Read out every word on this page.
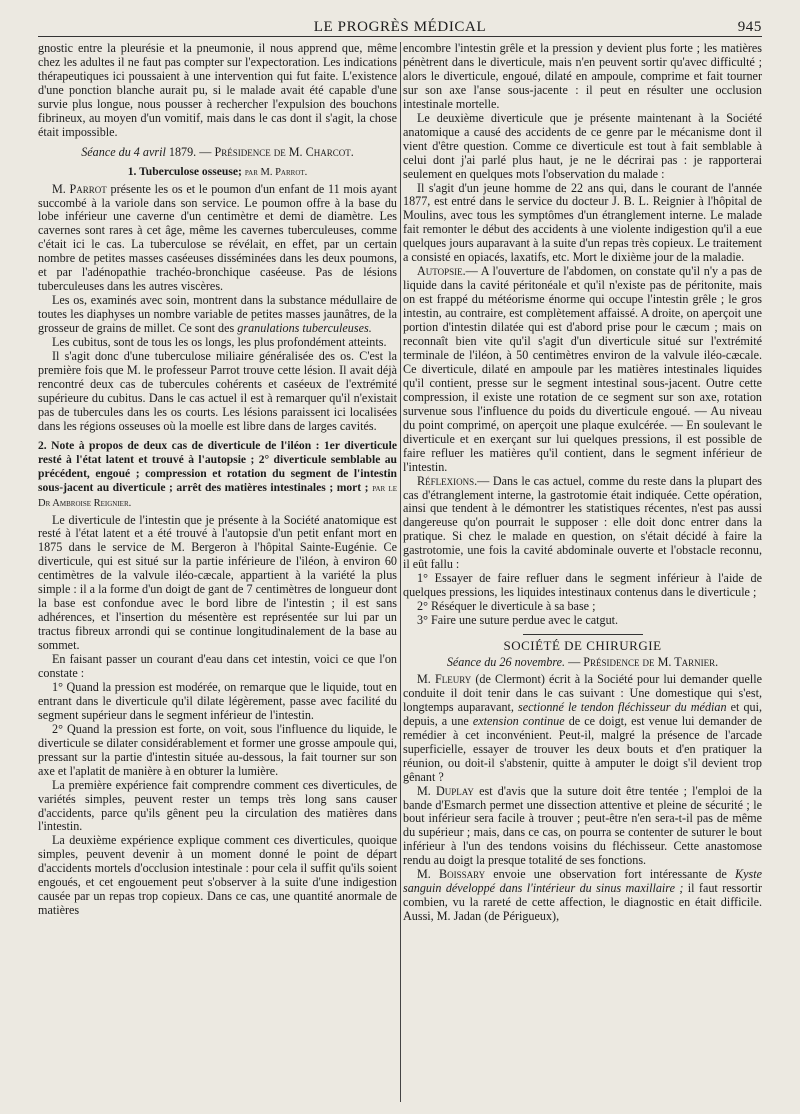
LE PROGRÈS MÉDICAL	945

gnostic entre la pleurésie et la pneumonie, il nous apprend que, même chez les adultes il ne faut pas compter sur l'expectoration. Les indications thérapeutiques ici poussaient à une intervention qui fut faite. L'existence d'une ponction blanche aurait pu, si le malade avait été capable d'une survie plus longue, nous pousser à rechercher l'expulsion des bouchons fibrineux, au moyen d'un vomitif, mais dans le cas dont il s'agit, la chose était impossible.

Séance du 4 avril 1879. — Présidence de M. Charcot.

1. Tuberculose osseuse; par M. Parrot.

M. Parrot présente les os et le poumon d'un enfant de 11 mois ayant succombé à la variole dans son service. Le poumon offre à la base du lobe inférieur une caverne d'un centimètre et demi de diamètre. Les cavernes sont rares à cet âge, même les cavernes tuberculeuses, comme c'était ici le cas. La tuberculose se révélait, en effet, par un certain nombre de petites masses caséeuses disséminées dans les deux poumons, et par l'adénopathie trachéo-bronchique caséeuse. Pas de lésions tuberculeuses dans les autres viscères.

Les os, examinés avec soin, montrent dans la substance médullaire de toutes les diaphyses un nombre variable de petites masses jaunâtres, de la grosseur de grains de millet. Ce sont des granulations tuberculeuses.

Les cubitus, sont de tous les os longs, les plus profondément atteints.

Il s'agit donc d'une tuberculose miliaire généralisée des os. C'est la première fois que M. le professeur Parrot trouve cette lésion. Il avait déjà rencontré deux cas de tubercules cohérents et caséeux de l'extrémité supérieure du cubitus. Dans le cas actuel il est à remarquer qu'il n'existait pas de tubercules dans les os courts. Les lésions paraissent ici localisées dans les régions osseuses où la moelle est libre dans de larges cavités.

2. Note à propos de deux cas de diverticule de l'iléon : 1er diverticule resté à l'état latent et trouvé à l'autopsie ; 2° diverticule semblable au précédent, engoué ; compression et rotation du segment de l'intestin sous-jacent au diverticule ; arrêt des matières intestinales ; mort ; par le Dr Ambroise Reignier.

Le diverticule de l'intestin que je présente à la Société anatomique est resté à l'état latent et a été trouvé à l'autopsie d'un petit enfant mort en 1875 dans le service de M. Bergeron à l'hôpital Sainte-Eugénie. Ce diverticule, qui est situé sur la partie inférieure de l'iléon, à environ 60 centimètres de la valvule iléo-cæcale, appartient à la variété la plus simple : il a la forme d'un doigt de gant de 7 centimètres de longueur dont la base est confondue avec le bord libre de l'intestin ; il est sans adhérences, et l'insertion du mésentère est représentée sur lui par un tractus fibreux arrondi qui se continue longitudinalement de la base au sommet.

En faisant passer un courant d'eau dans cet intestin, voici ce que l'on constate :

1° Quand la pression est modérée, on remarque que le liquide, tout en entrant dans le diverticule qu'il dilate légèrement, passe avec facilité du segment supérieur dans le segment inférieur de l'intestin.

2° Quand la pression est forte, on voit, sous l'influence du liquide, le diverticule se dilater considérablement et former une grosse ampoule qui, pressant sur la partie d'intestin située au-dessous, la fait tourner sur son axe et l'aplatit de manière à en obturer la lumière.

La première expérience fait comprendre comment ces diverticules, de variétés simples, peuvent rester un temps très long sans causer d'accidents, parce qu'ils gênent peu la circulation des matières dans l'intestin.

La deuxième expérience explique comment ces diverticules, quoique simples, peuvent devenir à un moment donné le point de départ d'accidents mortels d'occlusion intestinale : pour cela il suffit qu'ils soient engoués, et cet engouement peut s'observer à la suite d'une indigestion causée par un repas trop copieux. Dans ce cas, une quantité anormale de matières

encombre l'intestin grêle et la pression y devient plus forte ; les matières pénètrent dans le diverticule, mais n'en peuvent sortir qu'avec difficulté ; alors le diverticule, engoué, dilaté en ampoule, comprime et fait tourner sur son axe l'anse sous-jacente : il peut en résulter une occlusion intestinale mortelle.

Le deuxième diverticule que je présente maintenant à la Société anatomique a causé des accidents de ce genre par le mécanisme dont il vient d'être question. Comme ce diverticule est tout à fait semblable à celui dont j'ai parlé plus haut, je ne le décrirai pas : je rapporterai seulement en quelques mots l'observation du malade :

Il s'agit d'un jeune homme de 22 ans qui, dans le courant de l'année 1877, est entré dans le service du docteur J. B. L. Reignier à l'hôpital de Moulins, avec tous les symptômes d'un étranglement interne. Le malade fait remonter le début des accidents à une violente indigestion qu'il a eue quelques jours auparavant à la suite d'un repas très copieux. Le traitement a consisté en opiacés, laxatifs, etc. Mort le dixième jour de la maladie.

Autopsie.— A l'ouverture de l'abdomen, on constate qu'il n'y a pas de liquide dans la cavité péritonéale et qu'il n'existe pas de péritonite, mais on est frappé du météorisme énorme qui occupe l'intestin grêle ; le gros intestin, au contraire, est complètement affaissé. A droite, on aperçoit une portion d'intestin dilatée qui est d'abord prise pour le cæcum ; mais on reconnaît bien vite qu'il s'agit d'un diverticule situé sur l'extrémité terminale de l'iléon, à 50 centimètres environ de la valvule iléo-cæcale. Ce diverticule, dilaté en ampoule par les matières intestinales liquides qu'il contient, presse sur le segment intestinal sous-jacent. Outre cette compression, il existe une rotation de ce segment sur son axe, rotation survenue sous l'influence du poids du diverticule engoué. — Au niveau du point comprimé, on aperçoit une plaque exulcérée. — En soulevant le diverticule et en exerçant sur lui quelques pressions, il est possible de faire refluer les matières qu'il contient, dans le segment inférieur de l'intestin.

Réflexions.— Dans le cas actuel, comme du reste dans la plupart des cas d'étranglement interne, la gastrotomie était indiquée. Cette opération, ainsi que tendent à le démontrer les statistiques récentes, n'est pas aussi dangereuse qu'on pourrait le supposer : elle doit donc entrer dans la pratique. Si chez le malade en question, on s'était décidé à faire la gastrotomie, une fois la cavité abdominale ouverte et l'obstacle reconnu, il eût fallu :

1° Essayer de faire refluer dans le segment inférieur à l'aide de quelques pressions, les liquides intestinaux contenus dans le diverticule ;

2° Réséquer le diverticule à sa base ;

3° Faire une suture perdue avec le catgut.

SOCIÉTÉ DE CHIRURGIE

Séance du 26 novembre. — Présidence de M. Tarnier.

M. Fleury (de Clermont) écrit à la Société pour lui demander quelle conduite il doit tenir dans le cas suivant : Une domestique qui s'est, longtemps auparavant, sectionné le tendon fléchisseur du médian et qui, depuis, a une extension continue de ce doigt, est venue lui demander de remédier à cet inconvénient. Peut-il, malgré la présence de l'arcade superficielle, essayer de trouver les deux bouts et d'en pratiquer la réunion, ou doit-il s'abstenir, quitte à amputer le doigt s'il devient trop gênant ?

M. Duplay est d'avis que la suture doit être tentée ; l'emploi de la bande d'Esmarch permet une dissection attentive et pleine de sécurité ; le bout inférieur sera facile à trouver ; peut-être n'en sera-t-il pas de même du supérieur ; mais, dans ce cas, on pourra se contenter de suturer le bout inférieur à l'un des tendons voisins du fléchisseur. Cette anastomose rendu au doigt la presque totalité de ses fonctions.

M. Boissary envoie une observation fort intéressante de Kyste sanguin développé dans l'intérieur du sinus maxillaire ; il faut ressortir combien, vu la rareté de cette affection, le diagnostic en était difficile. Aussi, M. Jadan (de Périgueux),
